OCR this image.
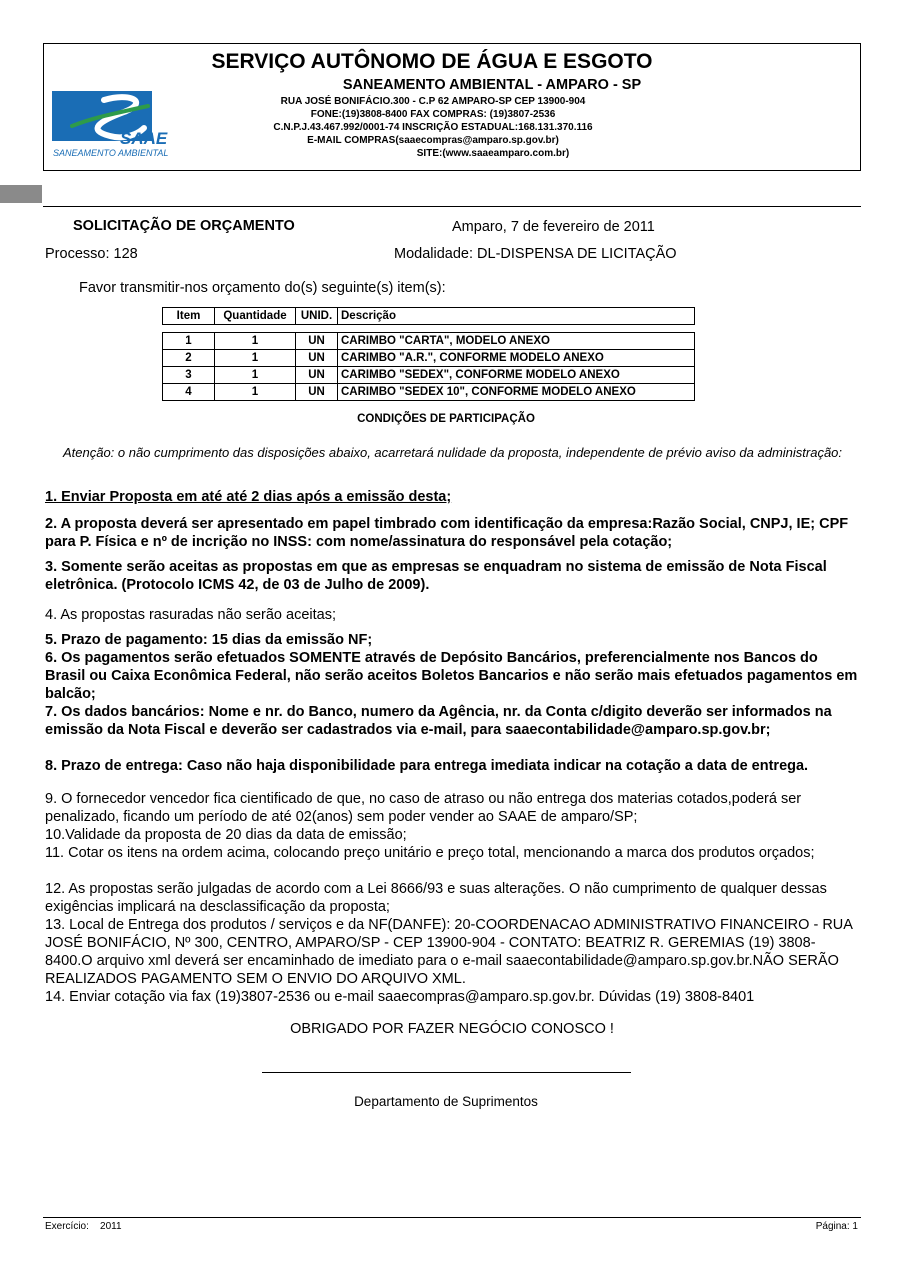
SAAE
SANEAMENTO AMBIENTAL
SERVIÇO AUTÔNOMO DE ÁGUA E ESGOTO
SANEAMENTO AMBIENTAL - AMPARO - SP
RUA JOSÉ BONIFÁCIO.300 - C.P 62 AMPARO-SP CEP 13900-904
FONE:(19)3808-8400 FAX COMPRAS: (19)3807-2536
C.N.P.J.43.467.992/0001-74 INSCRIÇÃO ESTADUAL:168.131.370.116
E-MAIL COMPRAS(saaecompras@amparo.sp.gov.br)
SITE:(www.saaeamparo.com.br)
SOLICITAÇÃO DE ORÇAMENTO	Amparo, 7 de fevereiro de 2011
Processo: 128	Modalidade: DL-DISPENSA DE LICITAÇÃO
Favor transmitir-nos orçamento do(s) seguinte(s) item(s):
Item	Quantidade	UNID.	Descrição
1	1	UN	CARIMBO "CARTA", MODELO ANEXO
2	1	UN	CARIMBO "A.R.", CONFORME MODELO ANEXO
3	1	UN	CARIMBO "SEDEX", CONFORME MODELO ANEXO
4	1	UN	CARIMBO "SEDEX 10", CONFORME MODELO ANEXO
CONDIÇÕES DE PARTICIPAÇÃO
Atenção: o não cumprimento das disposições abaixo, acarretará nulidade da proposta, independente de prévio aviso da administração:
1. Enviar Proposta em até até 2 dias após a emissão desta;
2. A proposta deverá ser apresentado em papel timbrado com identificação da empresa:Razão Social, CNPJ, IE; CPF para P. Física e nº de incrição no INSS: com nome/assinatura do responsável pela cotação;
3. Somente serão aceitas as propostas em que as empresas se enquadram no sistema de emissão de Nota Fiscal eletrônica. (Protocolo ICMS 42, de 03 de Julho de 2009).
4. As propostas rasuradas não serão aceitas;
5. Prazo de pagamento: 15 dias da emissão NF;
6. Os pagamentos serão efetuados SOMENTE através de Depósito Bancários, preferencialmente nos Bancos do Brasil ou Caixa Econômica Federal, não serão aceitos Boletos Bancarios e não serão mais efetuados pagamentos em balcão;
7. Os dados bancários: Nome e nr. do Banco, numero da Agência, nr. da Conta c/digito deverão ser informados na emissão da Nota Fiscal e deverão ser cadastrados via e-mail, para saaecontabilidade@amparo.sp.gov.br;
8. Prazo de entrega: Caso não haja disponibilidade para entrega imediata indicar na cotação a data de entrega.
9. O fornecedor vencedor fica cientificado de que, no caso de atraso ou não entrega dos materias cotados,poderá ser penalizado, ficando um período de até 02(anos) sem poder vender ao SAAE de amparo/SP;
10.Validade da proposta de 20 dias da data de emissão;
11. Cotar os itens na ordem acima, colocando preço unitário e preço total, mencionando a marca dos produtos orçados;
12. As propostas serão julgadas de acordo com a Lei 8666/93 e suas alterações. O não cumprimento de qualquer dessas exigências implicará na desclassificação da proposta;
13. Local de Entrega dos produtos / serviços e da NF(DANFE): 20-COORDENACAO ADMINISTRATIVO FINANCEIRO - RUA JOSÉ BONIFÁCIO, Nº 300, CENTRO, AMPARO/SP - CEP 13900-904 - CONTATO: BEATRIZ R. GEREMIAS (19) 3808-8400.O arquivo xml deverá ser encaminhado de imediato para o e-mail saaecontabilidade@amparo.sp.gov.br.NÃO SERÃO REALIZADOS PAGAMENTO SEM O ENVIO DO ARQUIVO XML.
14. Enviar cotação via fax (19)3807-2536 ou e-mail saaecompras@amparo.sp.gov.br. Dúvidas (19) 3808-8401
OBRIGADO POR FAZER NEGÓCIO CONOSCO !
Departamento de Suprimentos
Exercício:    2011	Página: 1
